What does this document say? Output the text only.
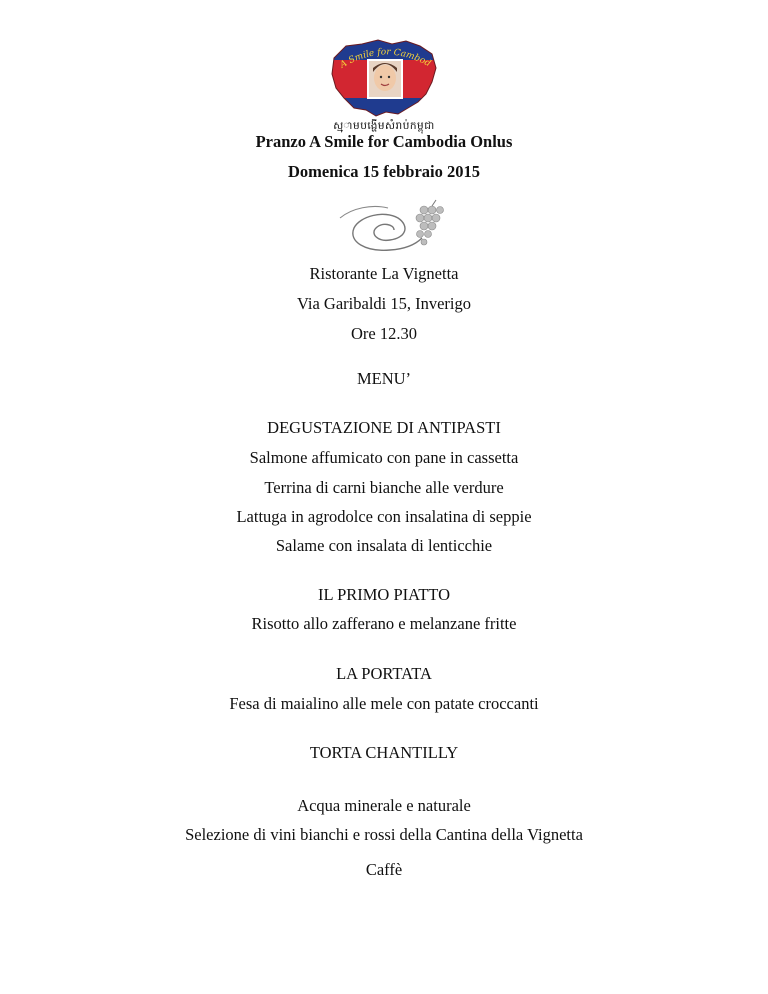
A Smile for Cambod
សុ្មាមបង្ហើមសំរាប់កម្ពុជា
Pranzo A Smile for Cambodia Onlus
Domenica 15 febbraio 2015
Ristorante La Vignetta
Via Garibaldi 15, Inverigo
Ore 12.30
MENU’
DEGUSTAZIONE DI ANTIPASTI
Salmone affumicato con pane in cassetta
Terrina di carni bianche alle verdure
Lattuga in agrodolce con insalatina di seppie
Salame con insalata di lenticchie
IL PRIMO PIATTO
Risotto allo zafferano e melanzane fritte
LA PORTATA
Fesa di maialino alle mele con patate croccanti
TORTA CHANTILLY
Acqua minerale e naturale
Selezione di vini bianchi e rossi della Cantina della Vignetta
Caffè
